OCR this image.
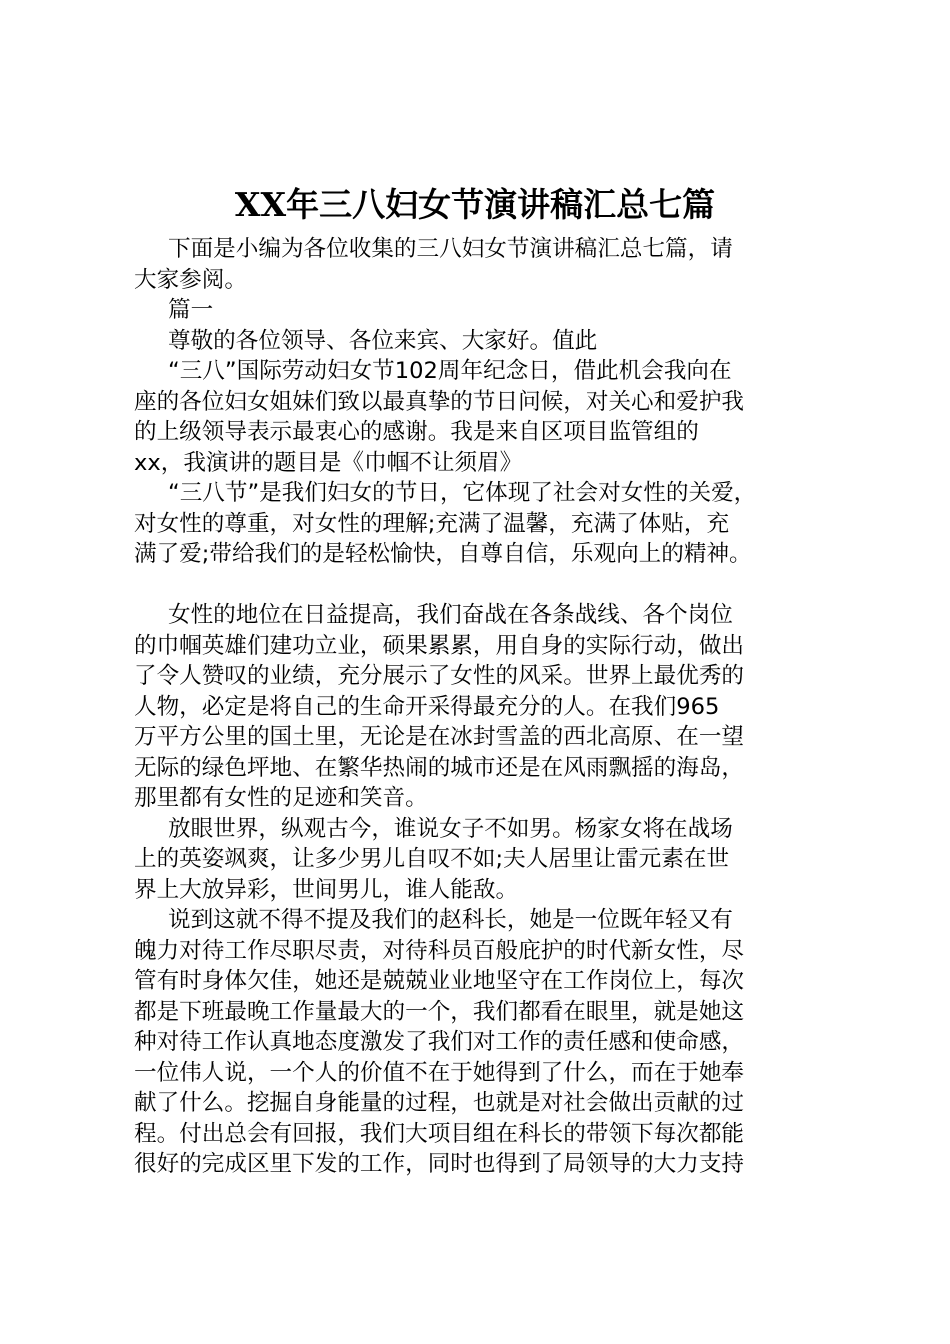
XX年三八妇女节演讲稿汇总七篇
下面是小编为各位收集的三八妇女节演讲稿汇总七篇，请
大家参阅。
篇一
尊敬的各位领导、各位来宾、大家好。值此
“三八”国际劳动妇女节102周年纪念日，借此机会我向在
座的各位妇女姐妹们致以最真挚的节日问候，对关心和爱护我
的上级领导表示最衷心的感谢。我是来自区项目监管组的
xx，我演讲的题目是《巾帼不让须眉》
“三八节”是我们妇女的节日，它体现了社会对女性的关爱，
对女性的尊重，对女性的理解;充满了温馨，充满了体贴，充
满了爱;带给我们的是轻松愉快，自尊自信，乐观向上的精神。
女性的地位在日益提高，我们奋战在各条战线、各个岗位
的巾帼英雄们建功立业，硕果累累，用自身的实际行动，做出
了令人赞叹的业绩，充分展示了女性的风采。世界上最优秀的
人物，必定是将自己的生命开采得最充分的人。在我们965
万平方公里的国土里，无论是在冰封雪盖的西北高原、在一望
无际的绿色坪地、在繁华热闹的城市还是在风雨飘摇的海岛，
那里都有女性的足迹和笑音。
放眼世界，纵观古今，谁说女子不如男。杨家女将在战场
上的英姿飒爽，让多少男儿自叹不如;夫人居里让雷元素在世
界上大放异彩，世间男儿，谁人能敌。
说到这就不得不提及我们的赵科长，她是一位既年轻又有
魄力对待工作尽职尽责，对待科员百般庇护的时代新女性，尽
管有时身体欠佳，她还是兢兢业业地坚守在工作岗位上，每次
都是下班最晚工作量最大的一个，我们都看在眼里，就是她这
种对待工作认真地态度激发了我们对工作的责任感和使命感，
一位伟人说，一个人的价值不在于她得到了什么，而在于她奉
献了什么。挖掘自身能量的过程，也就是对社会做出贡献的过
程。付出总会有回报，我们大项目组在科长的带领下每次都能
很好的完成区里下发的工作，同时也得到了局领导的大力支持
